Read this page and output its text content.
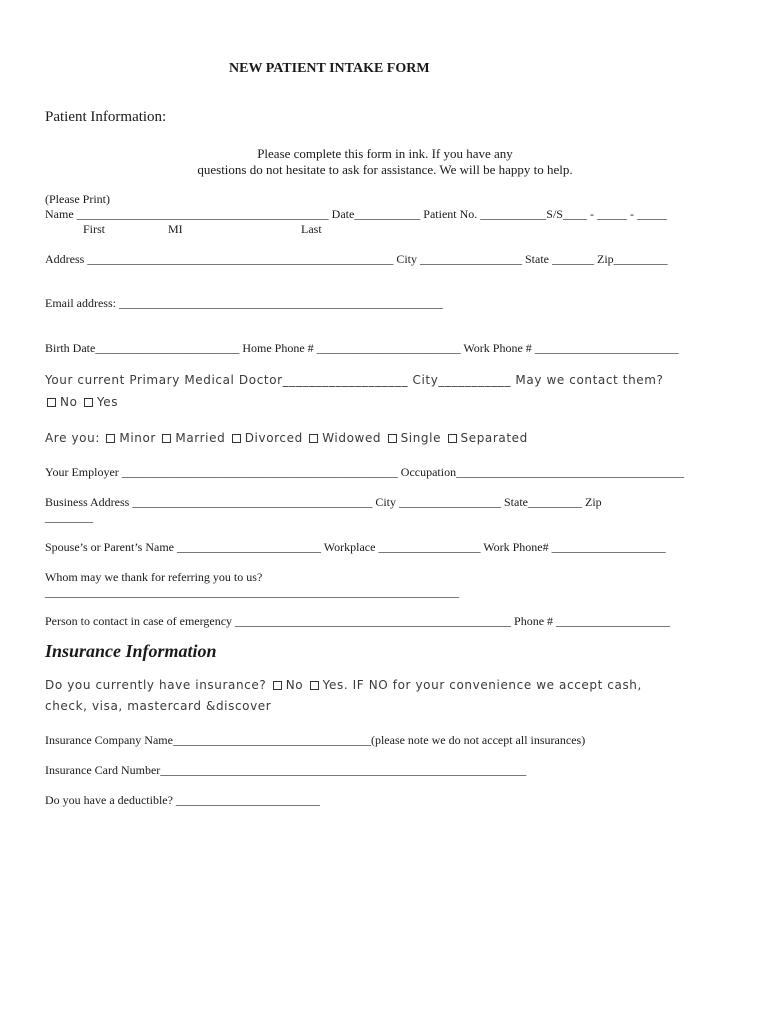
NEW PATIENT INTAKE FORM
Patient Information:
Please complete this form in ink. If you have any
questions do not hesitate to ask for assistance. We will be happy to help.
(Please Print)
Name __________________________________________ Date___________ Patient No. ___________S/S____ - _____ - _____
First	MI	Last
Address ___________________________________________________ City _________________ State _______ Zip_________
Email address: ______________________________________________________
Birth Date________________________ Home Phone # ________________________ Work Phone # ________________________
Your current Primary Medical Doctor___________________ City___________ May we contact them?
No Yes
Are you: Minor Married Divorced Widowed Single Separated
Your Employer ______________________________________________ Occupation______________________________________
Business Address ________________________________________ City _________________ State_________ Zip
________
Spouse’s or Parent’s Name ________________________ Workplace _________________ Work Phone# ___________________
Whom may we thank for referring you to us?
_____________________________________________________________________
Person to contact in case of emergency ______________________________________________ Phone # ___________________
Insurance Information
Do you currently have insurance? No Yes. IF NO for your convenience we accept cash,
check, visa, mastercard &discover
Insurance Company Name_________________________________(please note we do not accept all insurances)
Insurance Card Number_____________________________________________________________
Do you have a deductible? ________________________
